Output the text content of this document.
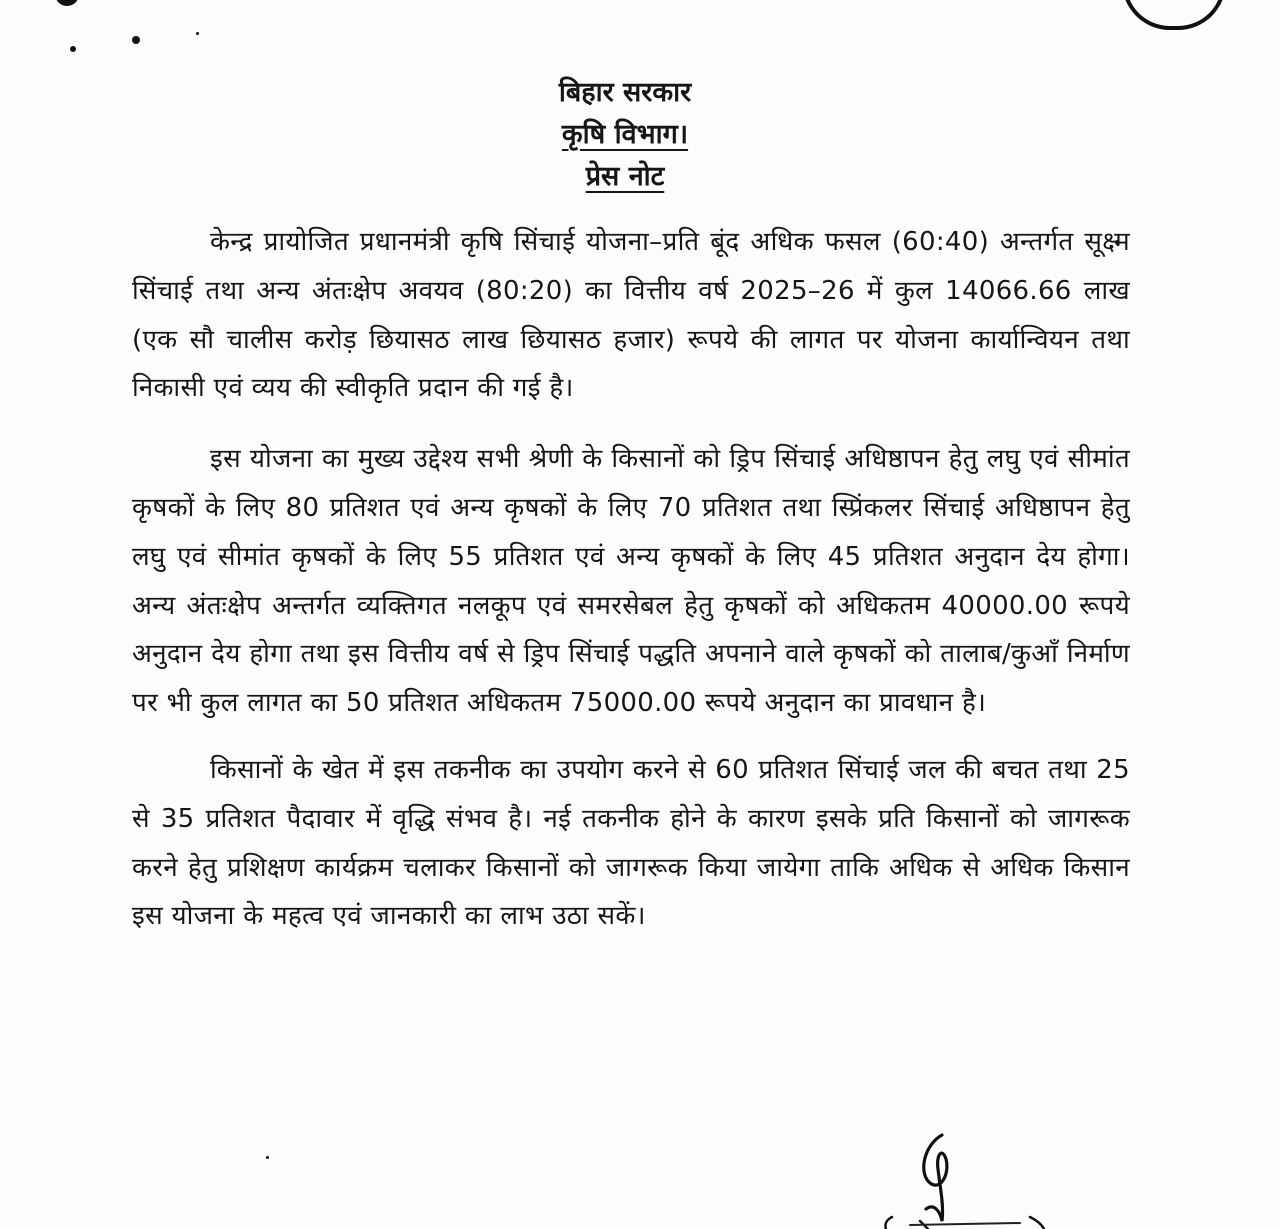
बिहार सरकार
कृषि विभाग।
प्रेस नोट

केन्द्र प्रायोजित प्रधानमंत्री कृषि सिंचाई योजना–प्रति बूंद अधिक फसल (60:40) अन्तर्गत सूक्ष्म सिंचाई तथा अन्य अंतःक्षेप अवयव (80:20) का वित्तीय वर्ष 2025–26 में कुल 14066.66 लाख (एक सौ चालीस करोड़ छियासठ लाख छियासठ हजार) रूपये की लागत पर योजना कार्यान्वियन तथा निकासी एवं व्यय की स्वीकृति प्रदान की गई है।

इस योजना का मुख्य उद्देश्य सभी श्रेणी के किसानों को ड्रिप सिंचाई अधिष्ठापन हेतु लघु एवं सीमांत कृषकों के लिए 80 प्रतिशत एवं अन्य कृषकों के लिए 70 प्रतिशत तथा स्प्रिंकलर सिंचाई अधिष्ठापन हेतु लघु एवं सीमांत कृषकों के लिए 55 प्रतिशत एवं अन्य कृषकों के लिए 45 प्रतिशत अनुदान देय होगा। अन्य अंतःक्षेप अन्तर्गत व्यक्तिगत नलकूप एवं समरसेबल हेतु कृषकों को अधिकतम 40000.00 रूपये अनुदान देय होगा तथा इस वित्तीय वर्ष से ड्रिप सिंचाई पद्धति अपनाने वाले कृषकों को तालाब/कुआँ निर्माण पर भी कुल लागत का 50 प्रतिशत अधिकतम 75000.00 रूपये अनुदान का प्रावधान है।

किसानों के खेत में इस तकनीक का उपयोग करने से 60 प्रतिशत सिंचाई जल की बचत तथा 25 से 35 प्रतिशत पैदावार में वृद्धि संभव है। नई तकनीक होने के कारण इसके प्रति किसानों को जागरूक करने हेतु प्रशिक्षण कार्यक्रम चलाकर किसानों को जागरूक किया जायेगा ताकि अधिक से अधिक किसान इस योजना के महत्व एवं जानकारी का लाभ उठा सकें।
